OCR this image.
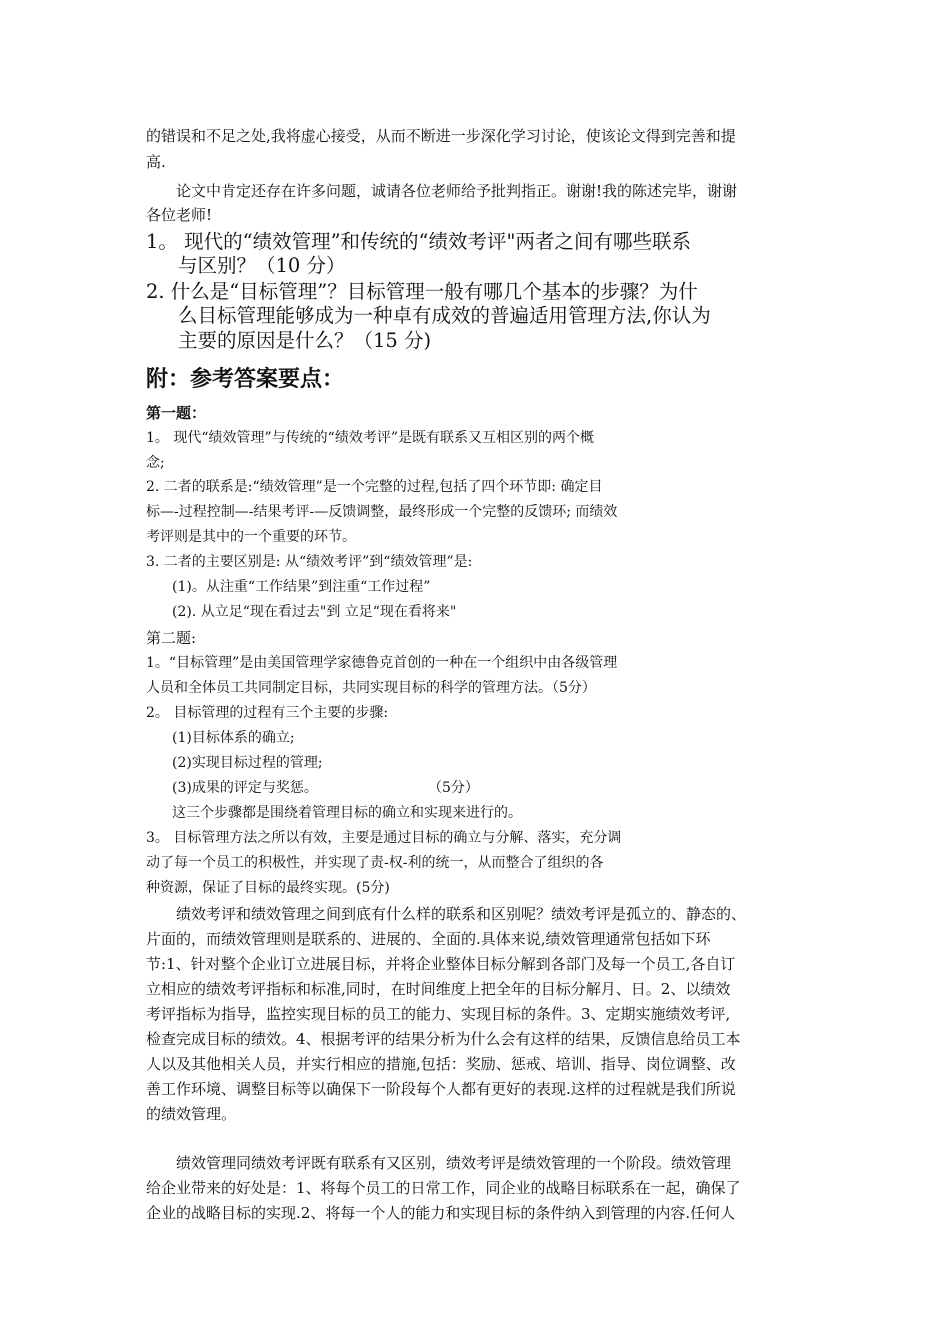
的错误和不足之处,我将虚心接受，从而不断进一步深化学习讨论，使该论文得到完善和提
高.
论文中肯定还存在许多问题，诚请各位老师给予批判指正。谢谢!我的陈述完毕，谢谢
各位老师!
1。 现代的“绩效管理”和传统的“绩效考评"两者之间有哪些联系
与区别？（10 分）
2. 什么是“目标管理”？目标管理一般有哪几个基本的步骤？为什
么目标管理能够成为一种卓有成效的普遍适用管理方法,你认为
主要的原因是什么？（15 分)
附：参考答案要点：
第一题：
1。 现代“绩效管理”与传统的“绩效考评”是既有联系又互相区别的两个概
念;
2. 二者的联系是:“绩效管理”是一个完整的过程,包括了四个环节即: 确定目
标—-过程控制—-结果考评-—反馈调整，最终形成一个完整的反馈环; 而绩效
考评则是其中的一个重要的环节。
3. 二者的主要区别是: 从“绩效考评”到“绩效管理”是:
(1)。从注重“工作结果”到注重“工作过程”
(2). 从立足“现在看过去"到 立足“现在看将来"
第二题:
1。“目标管理”是由美国管理学家德鲁克首创的一种在一个组织中由各级管理
人员和全体员工共同制定目标，共同实现目标的科学的管理方法。（5分）
2。 目标管理的过程有三个主要的步骤:
(1)目标体系的确立;
(2)实现目标过程的管理;
(3)成果的评定与奖惩。	（5分）
这三个步骤都是围绕着管理目标的确立和实现来进行的。
3。 目标管理方法之所以有效，主要是通过目标的确立与分解、落实，充分调
动了每一个员工的积极性，并实现了责-权-利的统一，从而整合了组织的各
种资源，保证了目标的最终实现。(5分)
绩效考评和绩效管理之间到底有什么样的联系和区别呢？绩效考评是孤立的、静态的、
片面的，而绩效管理则是联系的、进展的、全面的.具体来说,绩效管理通常包括如下环
节:1、针对整个企业订立进展目标，并将企业整体目标分解到各部门及每一个员工,各自订
立相应的绩效考评指标和标准,同时，在时间维度上把全年的目标分解月、日。2、以绩效
考评指标为指导，监控实现目标的员工的能力、实现目标的条件。3、定期实施绩效考评,
检查完成目标的绩效。4、根据考评的结果分析为什么会有这样的结果，反馈信息给员工本
人以及其他相关人员，并实行相应的措施,包括：奖励、惩戒、培训、指导、岗位调整、改
善工作环境、调整目标等以确保下一阶段每个人都有更好的表现.这样的过程就是我们所说
的绩效管理。
绩效管理同绩效考评既有联系有又区别，绩效考评是绩效管理的一个阶段。绩效管理
给企业带来的好处是：1、将每个员工的日常工作，同企业的战略目标联系在一起，确保了
企业的战略目标的实现.2、将每一个人的能力和实现目标的条件纳入到管理的内容.任何人
